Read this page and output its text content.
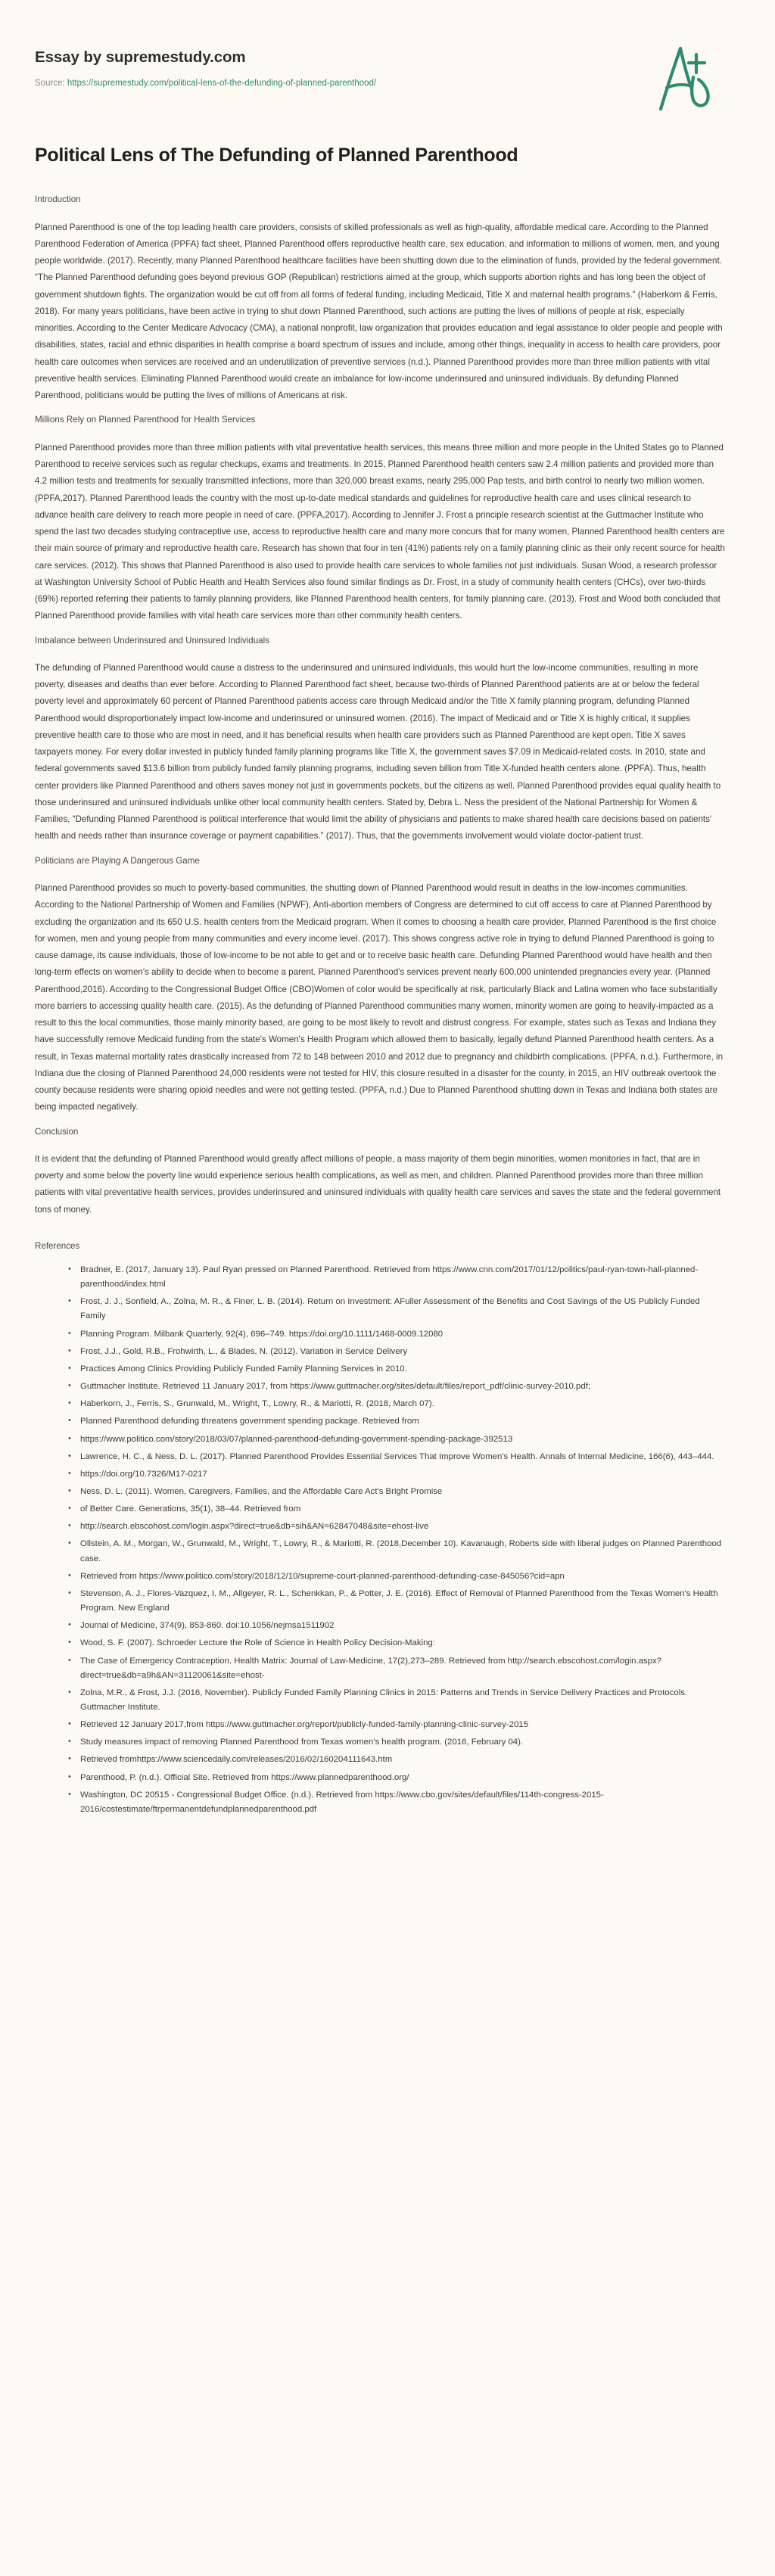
Essay by supremestudy.com
Source: https://supremestudy.com/political-lens-of-the-defunding-of-planned-parenthood/
Political Lens of The Defunding of Planned Parenthood
Introduction

Planned Parenthood is one of the top leading health care providers, consists of skilled professionals as well as high-quality, affordable medical care. According to the Planned Parenthood Federation of America (PPFA) fact sheet, Planned Parenthood offers reproductive health care, sex education, and information to millions of women, men, and young people worldwide. (2017). Recently, many Planned Parenthood healthcare facilities have been shutting down due to the elimination of funds, provided by the federal government. “The Planned Parenthood defunding goes beyond previous GOP (Republican) restrictions aimed at the group, which supports abortion rights and has long been the object of government shutdown fights. The organization would be cut off from all forms of federal funding, including Medicaid, Title X and maternal health programs.” (Haberkorn & Ferris, 2018). For many years politicians, have been active in trying to shut down Planned Parenthood, such actions are putting the lives of millions of people at risk, especially minorities. According to the Center Medicare Advocacy (CMA), a national nonprofit, law organization that provides education and legal assistance to older people and people with disabilities, states, racial and ethnic disparities in health comprise a board spectrum of issues and include, among other things, inequality in access to health care providers, poor health care outcomes when services are received and an underutilization of preventive services (n.d.). Planned Parenthood provides more than three million patients with vital preventive health services. Eliminating Planned Parenthood would create an imbalance for low-income underinsured and uninsured individuals. By defunding Planned Parenthood, politicians would be putting the lives of millions of Americans at risk.

Millions Rely on Planned Parenthood for Health Services

Planned Parenthood provides more than three million patients with vital preventative health services, this means three million and more people in the United States go to Planned Parenthood to receive services such as regular checkups, exams and treatments. In 2015, Planned Parenthood health centers saw 2.4 million patients and provided more than 4.2 million tests and treatments for sexually transmitted infections, more than 320,000 breast exams, nearly 295,000 Pap tests, and birth control to nearly two million women. (PPFA,2017). Planned Parenthood leads the country with the most up-to-date medical standards and guidelines for reproductive health care and uses clinical research to advance health care delivery to reach more people in need of care. (PPFA,2017). According to Jennifer J. Frost a principle research scientist at the Guttmacher Institute who spend the last two decades studying contraceptive use, access to reproductive health care and many more concurs that for many women, Planned Parenthood health centers are their main source of primary and reproductive health care. Research has shown that four in ten (41%) patients rely on a family planning clinic as their only recent source for health care services. (2012). This shows that Planned Parenthood is also used to provide health care services to whole families not just individuals. Susan Wood, a research professor at Washington University School of Public Health and Health Services also found similar findings as Dr. Frost, in a study of community health centers (CHCs), over two-thirds (69%) reported referring their patients to family planning providers, like Planned Parenthood health centers, for family planning care. (2013). Frost and Wood both concluded that Planned Parenthood provide families with vital heath care services more than other community health centers.

Imbalance between Underinsured and Uninsured Individuals

The defunding of Planned Parenthood would cause a distress to the underinsured and uninsured individuals, this would hurt the low-income communities, resulting in more poverty, diseases and deaths than ever before. According to Planned Parenthood fact sheet, because two-thirds of Planned Parenthood patients are at or below the federal poverty level and approximately 60 percent of Planned Parenthood patients access care through Medicaid and/or the Title X family planning program, defunding Planned Parenthood would disproportionately impact low-income and underinsured or uninsured women. (2016). The impact of Medicaid and or Title X is highly critical, it supplies preventive health care to those who are most in need, and it has beneficial results when health care providers such as Planned Parenthood are kept open. Title X saves taxpayers money. For every dollar invested in publicly funded family planning programs like Title X, the government saves $7.09 in Medicaid-related costs. In 2010, state and federal governments saved $13.6 billion from publicly funded family planning programs, including seven billion from Title X-funded health centers alone. (PPFA). Thus, health center providers like Planned Parenthood and others saves money not just in governments pockets, but the citizens as well. Planned Parenthood provides equal quality health to those underinsured and uninsured individuals unlike other local community health centers. Stated by, Debra L. Ness the president of the National Partnership for Women & Families, “Defunding Planned Parenthood is political interference that would limit the ability of physicians and patients to make shared health care decisions based on patients' health and needs rather than insurance coverage or payment capabilities.” (2017). Thus, that the governments involvement would violate doctor-patient trust.

Politicians are Playing A Dangerous Game

Planned Parenthood provides so much to poverty-based communities, the shutting down of Planned Parenthood would result in deaths in the low-incomes communities. According to the National Partnership of Women and Families (NPWF), Anti-abortion members of Congress are determined to cut off access to care at Planned Parenthood by excluding the organization and its 650 U.S. health centers from the Medicaid program. When it comes to choosing a health care provider, Planned Parenthood is the first choice for women, men and young people from many communities and every income level. (2017). This shows congress active role in trying to defund Planned Parenthood is going to cause damage, its cause individuals, those of low-income to be not able to get and or to receive basic health care. Defunding Planned Parenthood would have health and then long-term effects on women's ability to decide when to become a parent. Planned Parenthood's services prevent nearly 600,000 unintended pregnancies every year. (Planned Parenthood,2016). According to the Congressional Budget Office (CBO)Women of color would be specifically at risk, particularly Black and Latina women who face substantially more barriers to accessing quality health care. (2015). As the defunding of Planned Parenthood communities many women, minority women are going to heavily-impacted as a result to this the local communities, those mainly minority based, are going to be most likely to revolt and distrust congress. For example, states such as Texas and Indiana they have successfully remove Medicaid funding from the state's Women's Health Program which allowed them to basically, legally defund Planned Parenthood health centers. As a result, in Texas maternal mortality rates drastically increased from 72 to 148 between 2010 and 2012 due to pregnancy and childbirth complications. (PPFA, n.d.). Furthermore, in Indiana due the closing of Planned Parenthood 24,000 residents were not tested for HIV, this closure resulted in a disaster for the county, in 2015, an HIV outbreak overtook the county because residents were sharing opioid needles and were not getting tested. (PPFA, n.d.) Due to Planned Parenthood shutting down in Texas and Indiana both states are being impacted negatively.

Conclusion

It is evident that the defunding of Planned Parenthood would greatly affect millions of people, a mass majority of them begin minorities, women monitories in fact, that are in poverty and some below the poverty line would experience serious health complications, as well as men, and children. Planned Parenthood provides more than three million patients with vital preventative health services, provides underinsured and uninsured individuals with quality health care services and saves the state and the federal government tons of money.

References
• Bradner, E. (2017, January 13). Paul Ryan pressed on Planned Parenthood. Retrieved from https://www.cnn.com/2017/01/12/politics/paul-ryan-town-hall-planned-parenthood/index.html
• Frost, J. J., Sonfield, A., Zolna, M. R., & Finer, L. B. (2014). Return on Investment: AFuller Assessment of the Benefits and Cost Savings of the US Publicly Funded Family
• Planning Program. Milbank Quarterly, 92(4), 696–749. https://doi.org/10.1111/1468-0009.12080
• Frost, J.J., Gold, R.B., Frohwirth, L., & Blades, N. (2012). Variation in Service Delivery
• Practices Among Clinics Providing Publicly Funded Family Planning Services in 2010.
• Guttmacher Institute. Retrieved 11 January 2017, from https://www.guttmacher.org/sites/default/files/report_pdf/clinic-survey-2010.pdf;
• Haberkorn, J., Ferris, S., Grunwald, M., Wright, T., Lowry, R., & Mariotti, R. (2018, March 07).
• Planned Parenthood defunding threatens government spending package. Retrieved from
• https://www.politico.com/story/2018/03/07/planned-parenthood-defunding-government-spending-package-392513
• Lawrence, H. C., & Ness, D. L. (2017). Planned Parenthood Provides Essential Services That Improve Women's Health. Annals of Internal Medicine, 166(6), 443–444.
• https://doi.org/10.7326/M17-0217
• Ness, D. L. (2011). Women, Caregivers, Families, and the Affordable Care Act's Bright Promise
• of Better Care. Generations, 35(1), 38–44. Retrieved from
• http://search.ebscohost.com/login.aspx?direct=true&db=sih&AN=62847048&site=ehost-live
• Ollstein, A. M., Morgan, W., Grunwald, M., Wright, T., Lowry, R., & Mariotti, R. (2018,December 10). Kavanaugh, Roberts side with liberal judges on Planned Parenthood case.
• Retrieved from https://www.politico.com/story/2018/12/10/supreme-court-planned-parenthood-defunding-case-845056?cid=apn
• Stevenson, A. J., Flores-Vazquez, I. M., Allgeyer, R. L., Schenkkan, P., & Potter, J. E. (2016). Effect of Removal of Planned Parenthood from the Texas Women's Health Program. New England
• Journal of Medicine, 374(9), 853-860. doi:10.1056/nejmsa1511902
• Wood, S. F. (2007). Schroeder Lecture the Role of Science in Health Policy Decision-Making:
• The Case of Emergency Contraception. Health Matrix: Journal of Law-Medicine, 17(2),273–289. Retrieved from http://search.ebscohost.com/login.aspx?direct=true&db=a9h&AN=31120061&site=ehost-
• Zolna, M.R., & Frost, J.J. (2016, November). Publicly Funded Family Planning Clinics in 2015: Patterns and Trends in Service Delivery Practices and Protocols. Guttmacher Institute.
• Retrieved 12 January 2017,from https://www.guttmacher.org/report/publicly-funded-family-planning-clinic-survey-2015
• Study measures impact of removing Planned Parenthood from Texas women's health program. (2016, February 04).
• Retrieved fromhttps://www.sciencedaily.com/releases/2016/02/160204111643.htm
• Parenthood, P. (n.d.). Official Site. Retrieved from https://www.plannedparenthood.org/
• Washington, DC 20515 - Congressional Budget Office. (n.d.). Retrieved from https://www.cbo.gov/sites/default/files/114th-congress-2015-2016/costestimate/ftrpermanentdefundplannedparenthood.pdf
